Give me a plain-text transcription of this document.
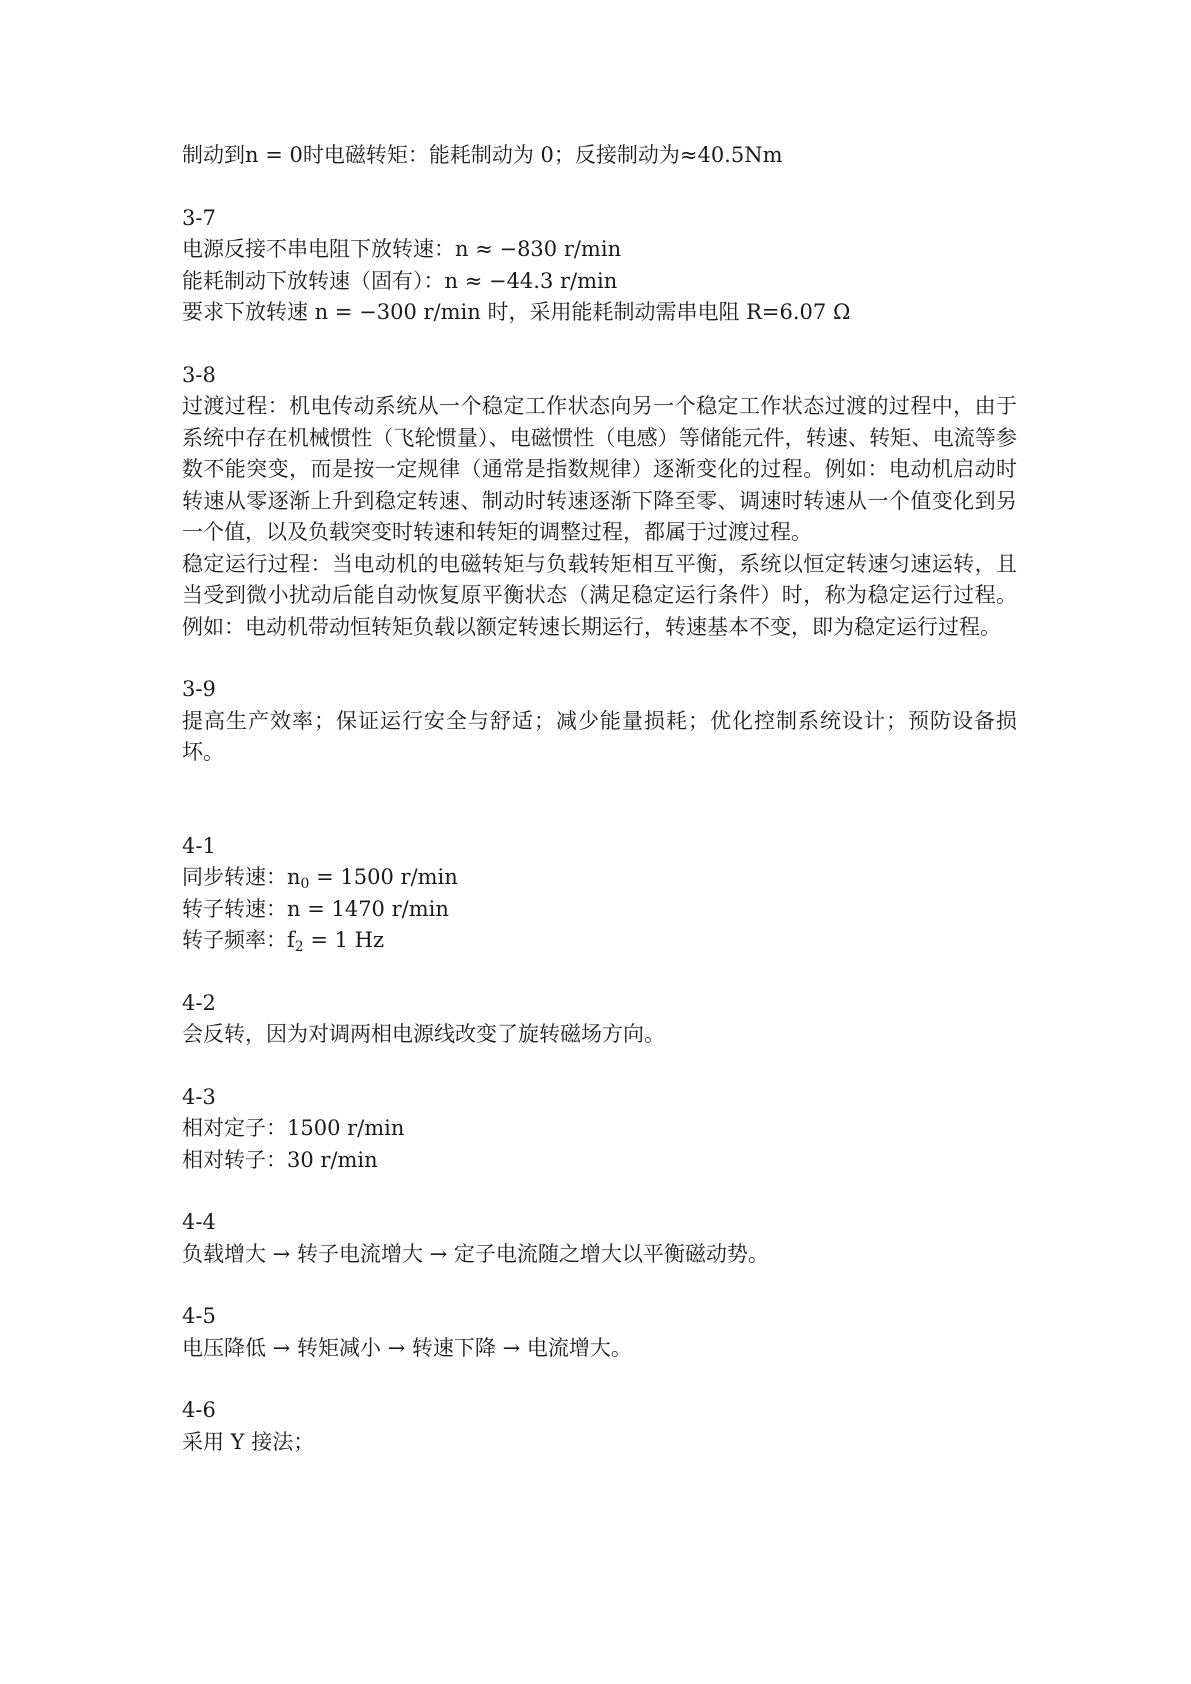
制动到n = 0时电磁转矩：能耗制动为 0；反接制动为≈40.5Nm
3-7
电源反接不串电阻下放转速：n ≈ −830 r/min
能耗制动下放转速（固有）：n ≈ −44.3 r/min
要求下放转速 n = −300 r/min 时，采用能耗制动需串电阻 R=6.07 Ω
3-8
过渡过程：机电传动系统从一个稳定工作状态向另一个稳定工作状态过渡的过程中，由于系统中存在机械惯性（飞轮惯量）、电磁惯性（电感）等储能元件，转速、转矩、电流等参数不能突变，而是按一定规律（通常是指数规律）逐渐变化的过程。例如：电动机启动时转速从零逐渐上升到稳定转速、制动时转速逐渐下降至零、调速时转速从一个值变化到另一个值，以及负载突变时转速和转矩的调整过程，都属于过渡过程。
稳定运行过程：当电动机的电磁转矩与负载转矩相互平衡，系统以恒定转速匀速运转，且当受到微小扰动后能自动恢复原平衡状态（满足稳定运行条件）时，称为稳定运行过程。例如：电动机带动恒转矩负载以额定转速长期运行，转速基本不变，即为稳定运行过程。
3-9
提高生产效率；保证运行安全与舒适；减少能量损耗；优化控制系统设计；预防设备损坏。
4-1
同步转速：$n_0 = 1500$ r/min
转子转速：n = 1470 r/min
转子频率：$f_2 = 1$ Hz
4-2
会反转，因为对调两相电源线改变了旋转磁场方向。
4-3
相对定子：1500 r/min
相对转子：30 r/min
4-4
负载增大 → 转子电流增大 → 定子电流随之增大以平衡磁动势。
4-5
电压降低 → 转矩减小 → 转速下降 → 电流增大。
4-6
采用 Y 接法；
